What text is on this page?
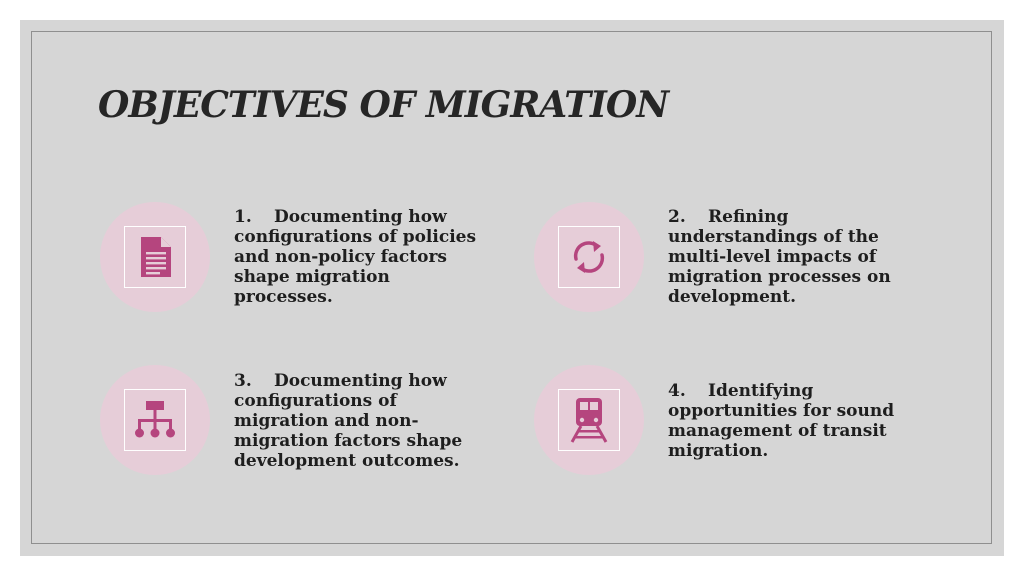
OBJECTIVES OF MIGRATION
1. Documenting how configurations of policies and non-policy factors shape migration processes.
2. Refining understandings of the multi-level impacts of migration processes on development.
3. Documenting how configurations of migration and non-migration factors shape development outcomes.
4. Identifying opportunities for sound management of transit migration.
